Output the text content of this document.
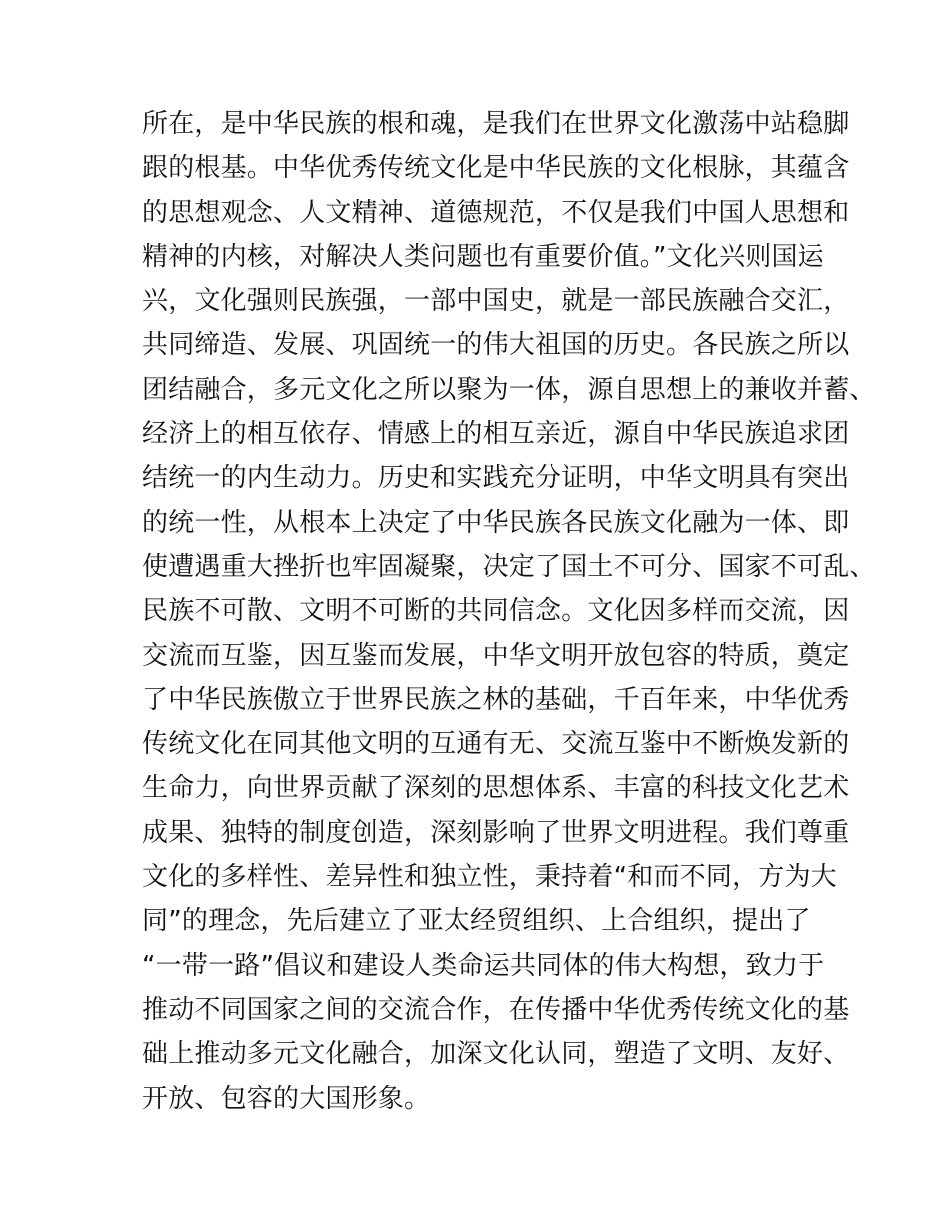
所在，是中华民族的根和魂，是我们在世界文化激荡中站稳脚
跟的根基。中华优秀传统文化是中华民族的文化根脉，其蕴含
的思想观念、人文精神、道德规范，不仅是我们中国人思想和
精神的内核，对解决人类问题也有重要价值。”文化兴则国运
兴，文化强则民族强，一部中国史，就是一部民族融合交汇，
共同缔造、发展、巩固统一的伟大祖国的历史。各民族之所以
团结融合，多元文化之所以聚为一体，源自思想上的兼收并蓄、
经济上的相互依存、情感上的相互亲近，源自中华民族追求团
结统一的内生动力。历史和实践充分证明，中华文明具有突出
的统一性，从根本上决定了中华民族各民族文化融为一体、即
使遭遇重大挫折也牢固凝聚，决定了国土不可分、国家不可乱、
民族不可散、文明不可断的共同信念。文化因多样而交流，因
交流而互鉴，因互鉴而发展，中华文明开放包容的特质，奠定
了中华民族傲立于世界民族之林的基础，千百年来，中华优秀
传统文化在同其他文明的互通有无、交流互鉴中不断焕发新的
生命力，向世界贡献了深刻的思想体系、丰富的科技文化艺术
成果、独特的制度创造，深刻影响了世界文明进程。我们尊重
文化的多样性、差异性和独立性，秉持着“和而不同，方为大
同”的理念，先后建立了亚太经贸组织、上合组织，提出了
“一带一路”倡议和建设人类命运共同体的伟大构想，致力于
推动不同国家之间的交流合作，在传播中华优秀传统文化的基
础上推动多元文化融合，加深文化认同，塑造了文明、友好、
开放、包容的大国形象。
